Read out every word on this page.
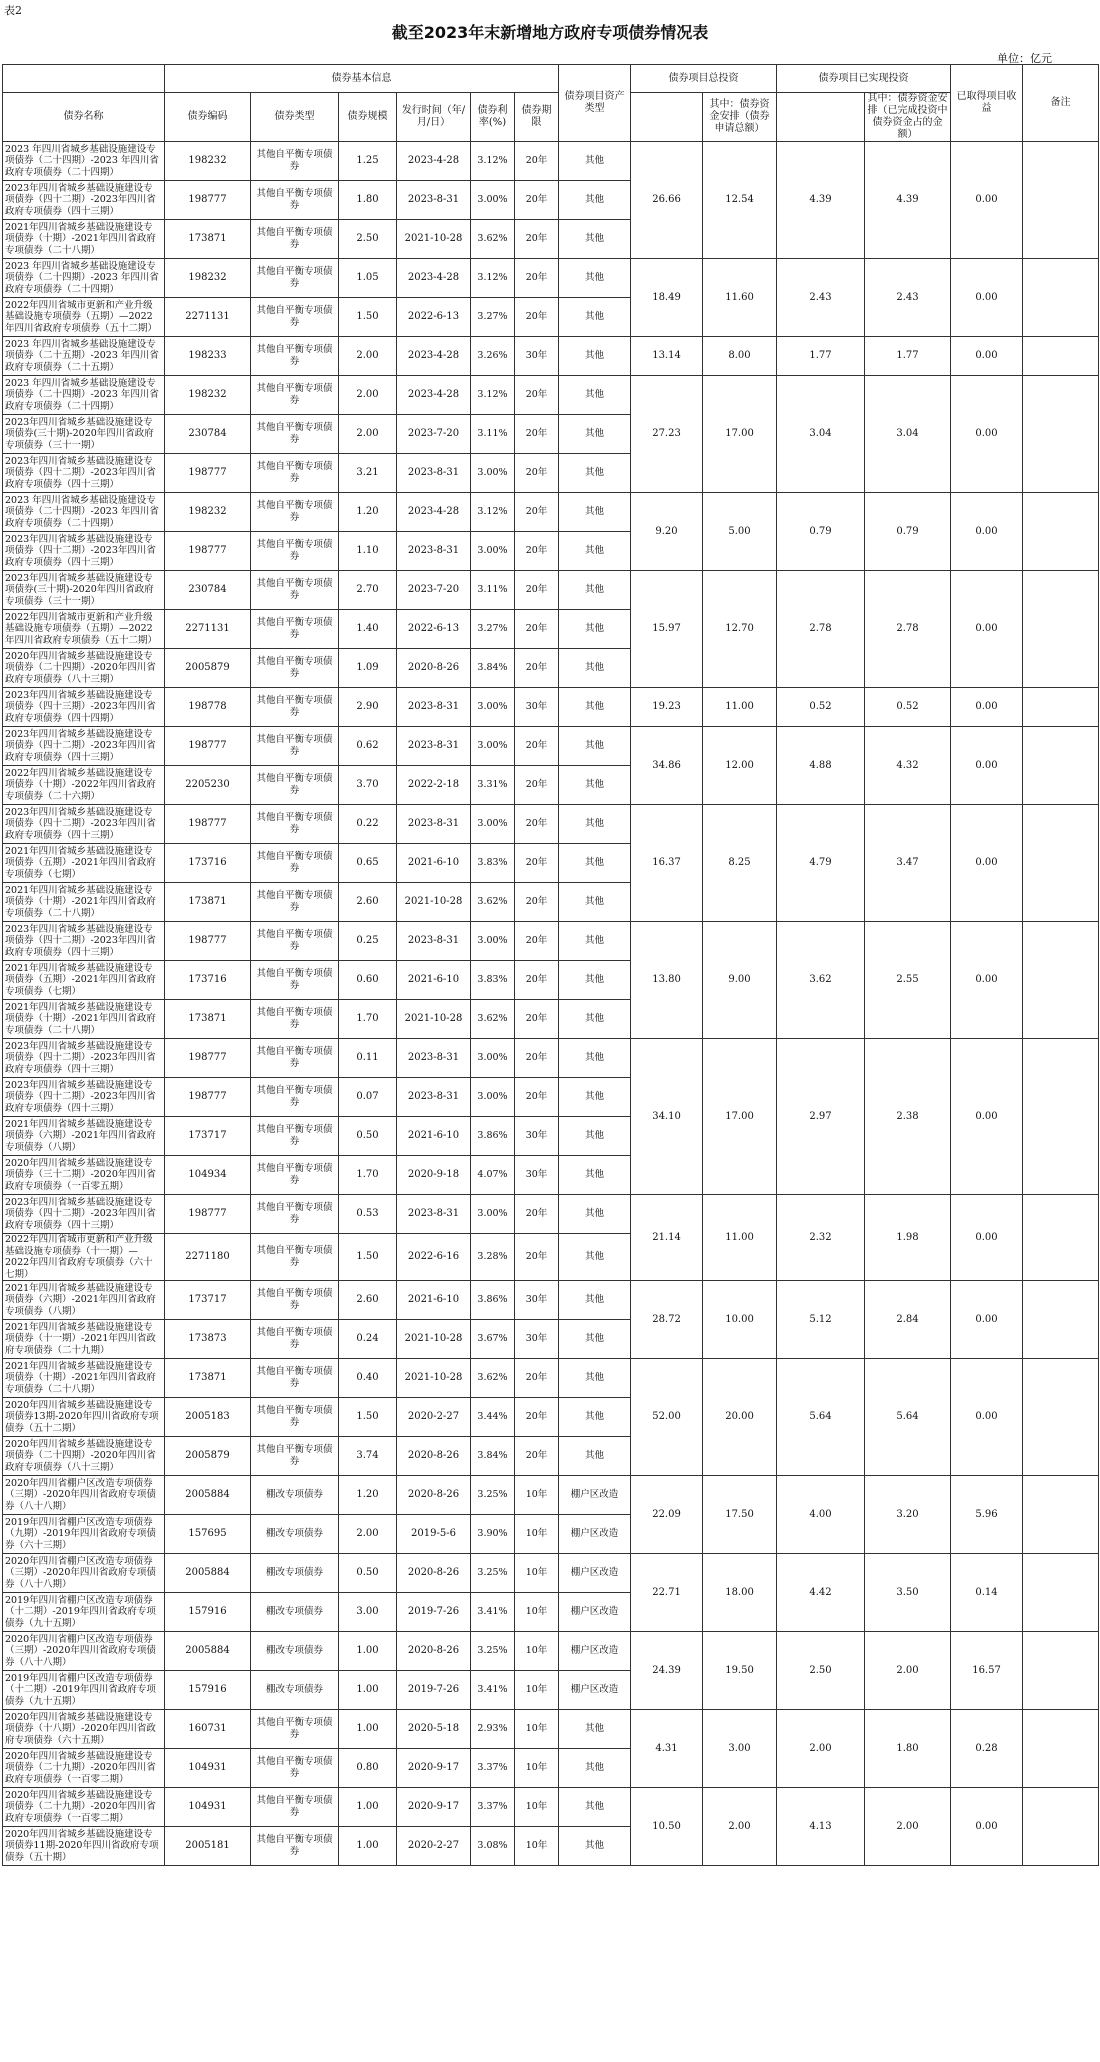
表2
截至2023年末新增地方政府专项债券情况表
单位：亿元
	债券基本信息						债券项目资产类型	债券项目总投资		债券项目已实现投资		已取得项目收益	备注
债券名称	债券编码	债券类型	债券规模	发行时间（年/月/日）	债券利率(%)	债券期限			其中：债券资金安排（债券申请总额）		其中：债券资金安排（已完成投资中债券资金占的金额）		
2023 年四川省城乡基础设施建设专项债券（二十四期）-2023 年四川省政府专项债券（二十四期）	198232	其他自平衡专项债券	1.25	2023-4-28	3.12%	20年	其他	26.66	12.54	4.39	4.39	0.00	
2023年四川省城乡基础设施建设专项债券（四十二期）-2023年四川省政府专项债券（四十三期）	198777	其他自平衡专项债券	1.80	2023-8-31	3.00%	20年	其他						
2021年四川省城乡基础设施建设专项债券（十期）-2021年四川省政府专项债券（二十八期）	173871	其他自平衡专项债券	2.50	2021-10-28	3.62%	20年	其他						
2023 年四川省城乡基础设施建设专项债券（二十四期）-2023 年四川省政府专项债券（二十四期）	198232	其他自平衡专项债券	1.05	2023-4-28	3.12%	20年	其他	18.49	11.60	2.43	2.43	0.00	
2022年四川省城市更新和产业升级基础设施专项债券（五期）—2022年四川省政府专项债券（五十二期）	2271131	其他自平衡专项债券	1.50	2022-6-13	3.27%	20年	其他						
2023 年四川省城乡基础设施建设专项债券（二十五期）-2023 年四川省政府专项债券（二十五期）	198233	其他自平衡专项债券	2.00	2023-4-28	3.26%	30年	其他	13.14	8.00	1.77	1.77	0.00	
2023 年四川省城乡基础设施建设专项债券（二十四期）-2023 年四川省政府专项债券（二十四期）	198232	其他自平衡专项债券	2.00	2023-4-28	3.12%	20年	其他	27.23	17.00	3.04	3.04	0.00	
2023年四川省城乡基础设施建设专项债券(三十期)-2020年四川省政府专项债券（三十一期）	230784	其他自平衡专项债券	2.00	2023-7-20	3.11%	20年	其他						
2023年四川省城乡基础设施建设专项债券（四十二期）-2023年四川省政府专项债券（四十三期）	198777	其他自平衡专项债券	3.21	2023-8-31	3.00%	20年	其他						
2023 年四川省城乡基础设施建设专项债券（二十四期）-2023 年四川省政府专项债券（二十四期）	198232	其他自平衡专项债券	1.20	2023-4-28	3.12%	20年	其他	9.20	5.00	0.79	0.79	0.00	
2023年四川省城乡基础设施建设专项债券（四十二期）-2023年四川省政府专项债券（四十三期）	198777	其他自平衡专项债券	1.10	2023-8-31	3.00%	20年	其他						
2023年四川省城乡基础设施建设专项债券(三十期)-2020年四川省政府专项债券（三十一期）	230784	其他自平衡专项债券	2.70	2023-7-20	3.11%	20年	其他	15.97	12.70	2.78	2.78	0.00	
2022年四川省城市更新和产业升级基础设施专项债券（五期）—2022年四川省政府专项债券（五十二期）	2271131	其他自平衡专项债券	1.40	2022-6-13	3.27%	20年	其他						
2020年四川省城乡基础设施建设专项债券（二十四期）-2020年四川省政府专项债券（八十三期）	2005879	其他自平衡专项债券	1.09	2020-8-26	3.84%	20年	其他						
2023年四川省城乡基础设施建设专项债券（四十三期）-2023年四川省政府专项债券（四十四期）	198778	其他自平衡专项债券	2.90	2023-8-31	3.00%	30年	其他	19.23	11.00	0.52	0.52	0.00	
2023年四川省城乡基础设施建设专项债券（四十二期）-2023年四川省政府专项债券（四十三期）	198777	其他自平衡专项债券	0.62	2023-8-31	3.00%	20年	其他	34.86	12.00	4.88	4.32	0.00	
2022年四川省城乡基础设施建设专项债券（十期）-2022年四川省政府专项债券（二十六期）	2205230	其他自平衡专项债券	3.70	2022-2-18	3.31%	20年	其他						
2023年四川省城乡基础设施建设专项债券（四十二期）-2023年四川省政府专项债券（四十三期）	198777	其他自平衡专项债券	0.22	2023-8-31	3.00%	20年	其他	16.37	8.25	4.79	3.47	0.00	
2021年四川省城乡基础设施建设专项债券（五期）-2021年四川省政府专项债券（七期）	173716	其他自平衡专项债券	0.65	2021-6-10	3.83%	20年	其他						
2021年四川省城乡基础设施建设专项债券（十期）-2021年四川省政府专项债券（二十八期）	173871	其他自平衡专项债券	2.60	2021-10-28	3.62%	20年	其他						
2023年四川省城乡基础设施建设专项债券（四十二期）-2023年四川省政府专项债券（四十三期）	198777	其他自平衡专项债券	0.25	2023-8-31	3.00%	20年	其他	13.80	9.00	3.62	2.55	0.00	
2021年四川省城乡基础设施建设专项债券（五期）-2021年四川省政府专项债券（七期）	173716	其他自平衡专项债券	0.60	2021-6-10	3.83%	20年	其他						
2021年四川省城乡基础设施建设专项债券（十期）-2021年四川省政府专项债券（二十八期）	173871	其他自平衡专项债券	1.70	2021-10-28	3.62%	20年	其他						
2023年四川省城乡基础设施建设专项债券（四十二期）-2023年四川省政府专项债券（四十三期）	198777	其他自平衡专项债券	0.11	2023-8-31	3.00%	20年	其他	34.10	17.00	2.97	2.38	0.00	
2023年四川省城乡基础设施建设专项债券（四十二期）-2023年四川省政府专项债券（四十三期）	198777	其他自平衡专项债券	0.07	2023-8-31	3.00%	20年	其他						
2021年四川省城乡基础设施建设专项债券（六期）-2021年四川省政府专项债券（八期）	173717	其他自平衡专项债券	0.50	2021-6-10	3.86%	30年	其他						
2020年四川省城乡基础设施建设专项债券（三十二期）-2020年四川省政府专项债券（一百零五期）	104934	其他自平衡专项债券	1.70	2020-9-18	4.07%	30年	其他						
2023年四川省城乡基础设施建设专项债券（四十二期）-2023年四川省政府专项债券（四十三期）	198777	其他自平衡专项债券	0.53	2023-8-31	3.00%	20年	其他	21.14	11.00	2.32	1.98	0.00	
2022年四川省城市更新和产业升级基础设施专项债券（十一期）—2022年四川省政府专项债券（六十七期）	2271180	其他自平衡专项债券	1.50	2022-6-16	3.28%	20年	其他						
2021年四川省城乡基础设施建设专项债券（六期）-2021年四川省政府专项债券（八期）	173717	其他自平衡专项债券	2.60	2021-6-10	3.86%	30年	其他	28.72	10.00	5.12	2.84	0.00	
2021年四川省城乡基础设施建设专项债券（十一期）-2021年四川省政府专项债券（二十九期）	173873	其他自平衡专项债券	0.24	2021-10-28	3.67%	30年	其他						
2021年四川省城乡基础设施建设专项债券（十期）-2021年四川省政府专项债券（二十八期）	173871	其他自平衡专项债券	0.40	2021-10-28	3.62%	20年	其他	52.00	20.00	5.64	5.64	0.00	
2020年四川省城乡基础设施建设专项债券13期-2020年四川省政府专项债券（五十二期）	2005183	其他自平衡专项债券	1.50	2020-2-27	3.44%	20年	其他						
2020年四川省城乡基础设施建设专项债券（二十四期）-2020年四川省政府专项债券（八十三期）	2005879	其他自平衡专项债券	3.74	2020-8-26	3.84%	20年	其他						
2020年四川省棚户区改造专项债券（三期）-2020年四川省政府专项债券（八十八期）	2005884	棚改专项债券	1.20	2020-8-26	3.25%	10年	棚户区改造	22.09	17.50	4.00	3.20	5.96	
2019年四川省棚户区改造专项债券（九期）-2019年四川省政府专项债券（六十三期）	157695	棚改专项债券	2.00	2019-5-6	3.90%	10年	棚户区改造						
2020年四川省棚户区改造专项债券（三期）-2020年四川省政府专项债券（八十八期）	2005884	棚改专项债券	0.50	2020-8-26	3.25%	10年	棚户区改造	22.71	18.00	4.42	3.50	0.14	
2019年四川省棚户区改造专项债券（十二期）-2019年四川省政府专项债券（九十五期）	157916	棚改专项债券	3.00	2019-7-26	3.41%	10年	棚户区改造						
2020年四川省棚户区改造专项债券（三期）-2020年四川省政府专项债券（八十八期）	2005884	棚改专项债券	1.00	2020-8-26	3.25%	10年	棚户区改造	24.39	19.50	2.50	2.00	16.57	
2019年四川省棚户区改造专项债券（十二期）-2019年四川省政府专项债券（九十五期）	157916	棚改专项债券	1.00	2019-7-26	3.41%	10年	棚户区改造						
2020年四川省城乡基础设施建设专项债券（十八期）-2020年四川省政府专项债券（六十五期）	160731	其他自平衡专项债券	1.00	2020-5-18	2.93%	10年	其他	4.31	3.00	2.00	1.80	0.28	
2020年四川省城乡基础设施建设专项债券（二十九期）-2020年四川省政府专项债券（一百零二期）	104931	其他自平衡专项债券	0.80	2020-9-17	3.37%	10年	其他						
2020年四川省城乡基础设施建设专项债券（二十九期）-2020年四川省政府专项债券（一百零二期）	104931	其他自平衡专项债券	1.00	2020-9-17	3.37%	10年	其他	10.50	2.00	4.13	2.00	0.00	
2020年四川省城乡基础设施建设专项债券11期-2020年四川省政府专项债券（五十期）	2005181	其他自平衡专项债券	1.00	2020-2-27	3.08%	10年	其他						
